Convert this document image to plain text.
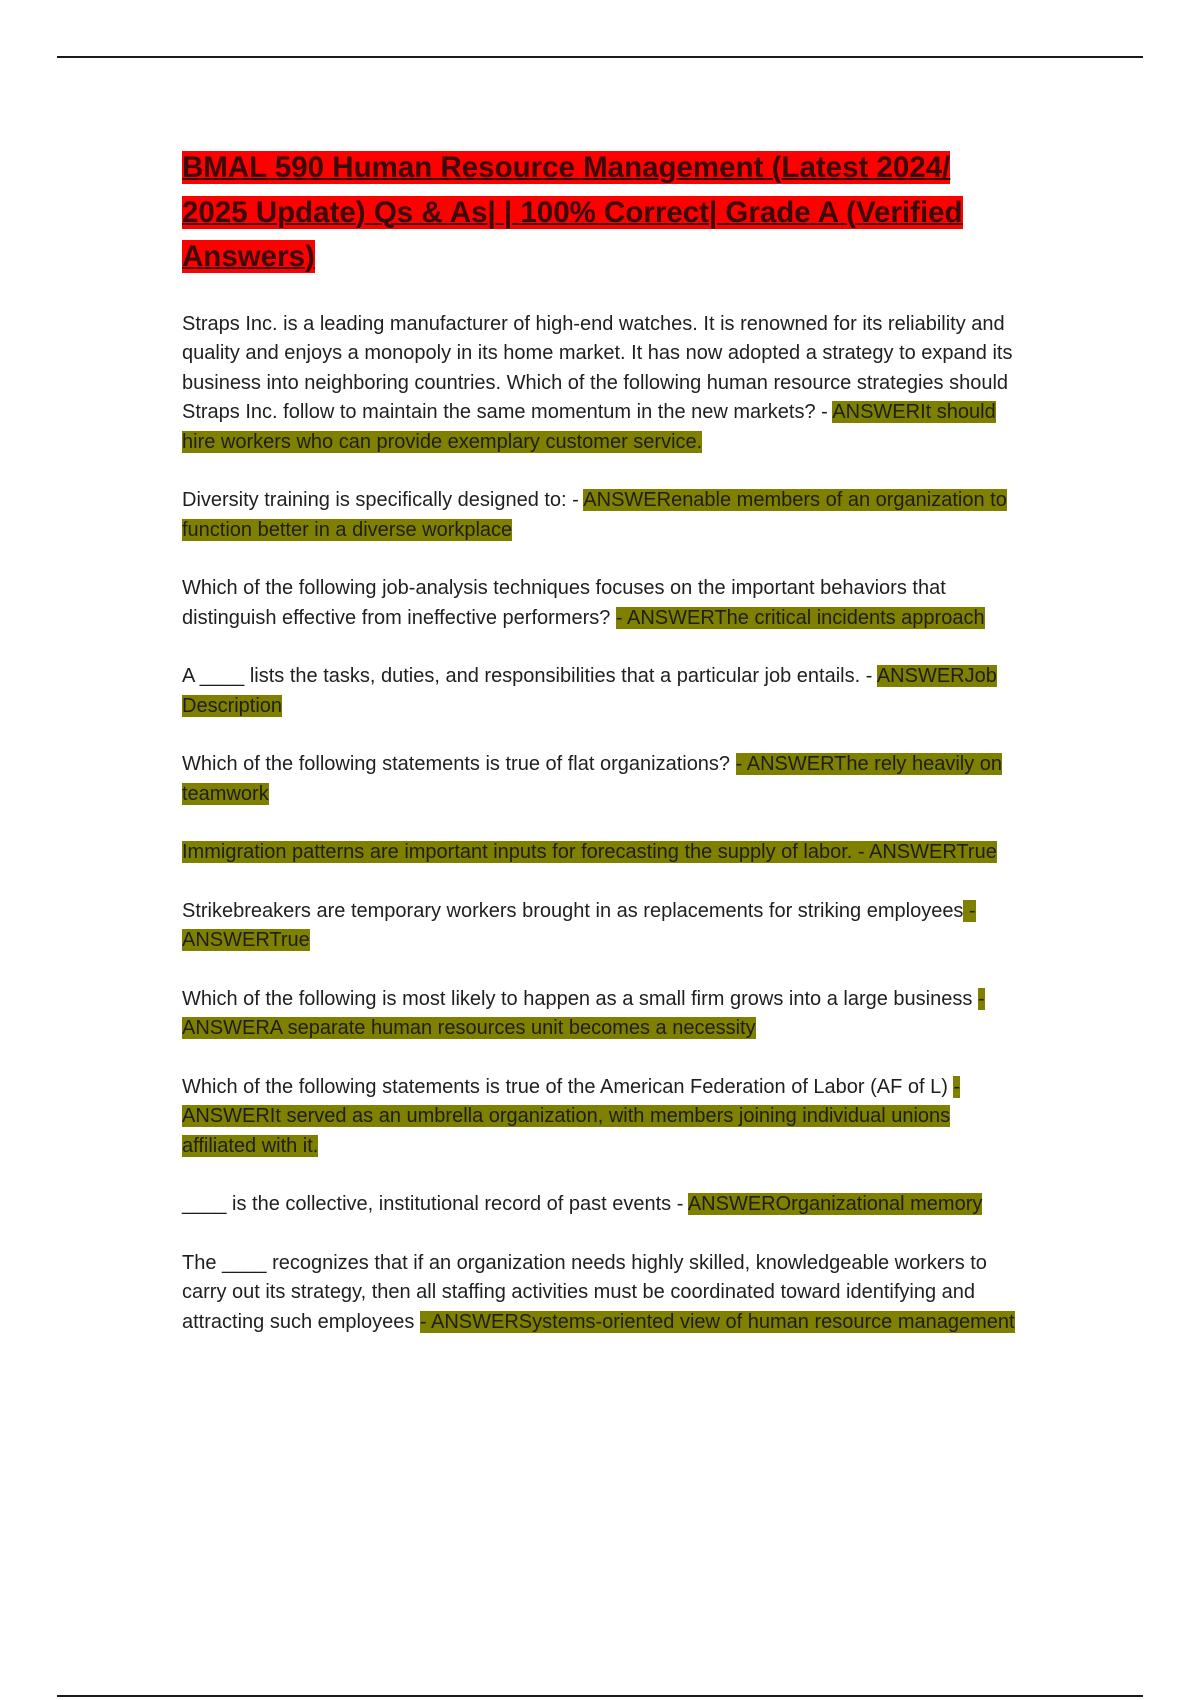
BMAL 590 Human Resource Management (Latest 2024/ 2025 Update) Qs & As| | 100% Correct| Grade A (Verified Answers)

Straps Inc. is a leading manufacturer of high-end watches. It is renowned for its reliability and quality and enjoys a monopoly in its home market. It has now adopted a strategy to expand its business into neighboring countries. Which of the following human resource strategies should Straps Inc. follow to maintain the same momentum in the new markets? - ANSWERIt should hire workers who can provide exemplary customer service.

Diversity training is specifically designed to: - ANSWERenable members of an organization to function better in a diverse workplace

Which of the following job-analysis techniques focuses on the important behaviors that distinguish effective from ineffective performers? - ANSWERThe critical incidents approach

A ____ lists the tasks, duties, and responsibilities that a particular job entails. - ANSWERJob Description

Which of the following statements is true of flat organizations? - ANSWERThe rely heavily on teamwork

Immigration patterns are important inputs for forecasting the supply of labor. - ANSWERTrue

Strikebreakers are temporary workers brought in as replacements for striking employees - ANSWERTrue

Which of the following is most likely to happen as a small firm grows into a large business - ANSWERA separate human resources unit becomes a necessity

Which of the following statements is true of the American Federation of Labor (AF of L) - ANSWERIt served as an umbrella organization, with members joining individual unions affiliated with it.

____ is the collective, institutional record of past events - ANSWEROrganizational memory

The ____ recognizes that if an organization needs highly skilled, knowledgeable workers to carry out its strategy, then all staffing activities must be coordinated toward identifying and attracting such employees - ANSWERSystems-oriented view of human resource management
